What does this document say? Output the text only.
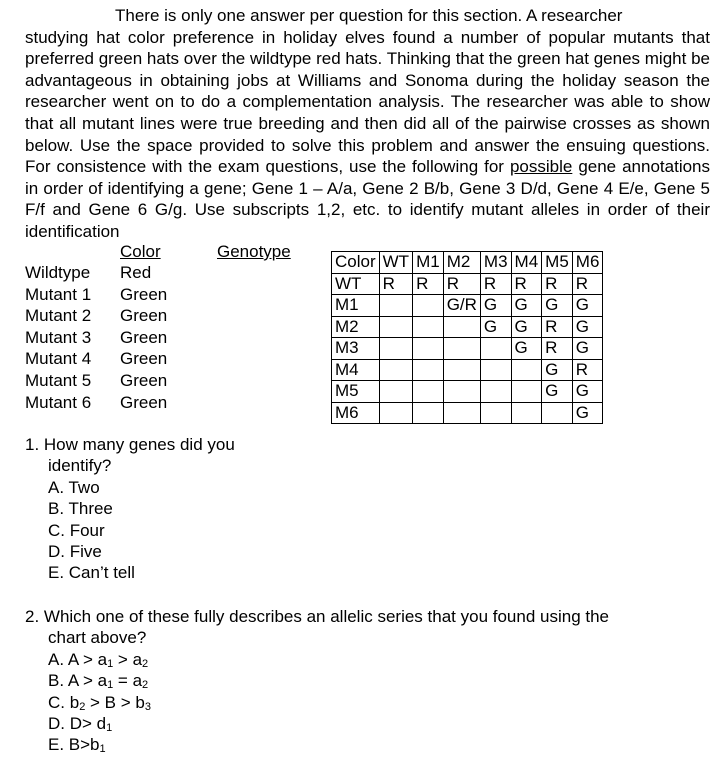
There is only one answer per question for this section. A researcher
studying hat color preference in holiday elves found a number of popular mutants that preferred green hats over the wildtype red hats. Thinking that the green hat genes might be advantageous in obtaining jobs at Williams and Sonoma during the holiday season the researcher went on to do a complementation analysis. The researcher was able to show that all mutant lines were true breeding and then did all of the pairwise crosses as shown below. Use the space provided to solve this problem and answer the ensuing questions. For consistence with the exam questions, use the following for possible gene annotations in order of identifying a gene; Gene 1 – A/a, Gene 2 B/b, Gene 3 D/d, Gene 4 E/e, Gene 5 F/f and Gene 6 G/g. Use subscripts 1,2, etc. to identify mutant alleles in order of their identification

Color	Genotype
Wildtype Red
Mutant 1 Green
Mutant 2 Green
Mutant 3 Green
Mutant 4 Green
Mutant 5 Green
Mutant 6 Green
Color	WT	M1	M2	M3	M4	M5	M6
WT	R	R	R	R	R	R	R
M1			G/R	G	G	G	G
M2				G	G	R	G
M3					G	R	G
M4						G	R
M5						G	G
M6							G
1. How many genes did you
identify?
A. Two
B. Three
C. Four
D. Five
E. Can’t tell
2. Which one of these fully describes an allelic series that you found using the
chart above?
A. $A > a_1 > a_2$
B. $A > a_1 = a_2$
C. $b_2 > B > b_3$
D. $D> d_1$
E. $B>b_1$
